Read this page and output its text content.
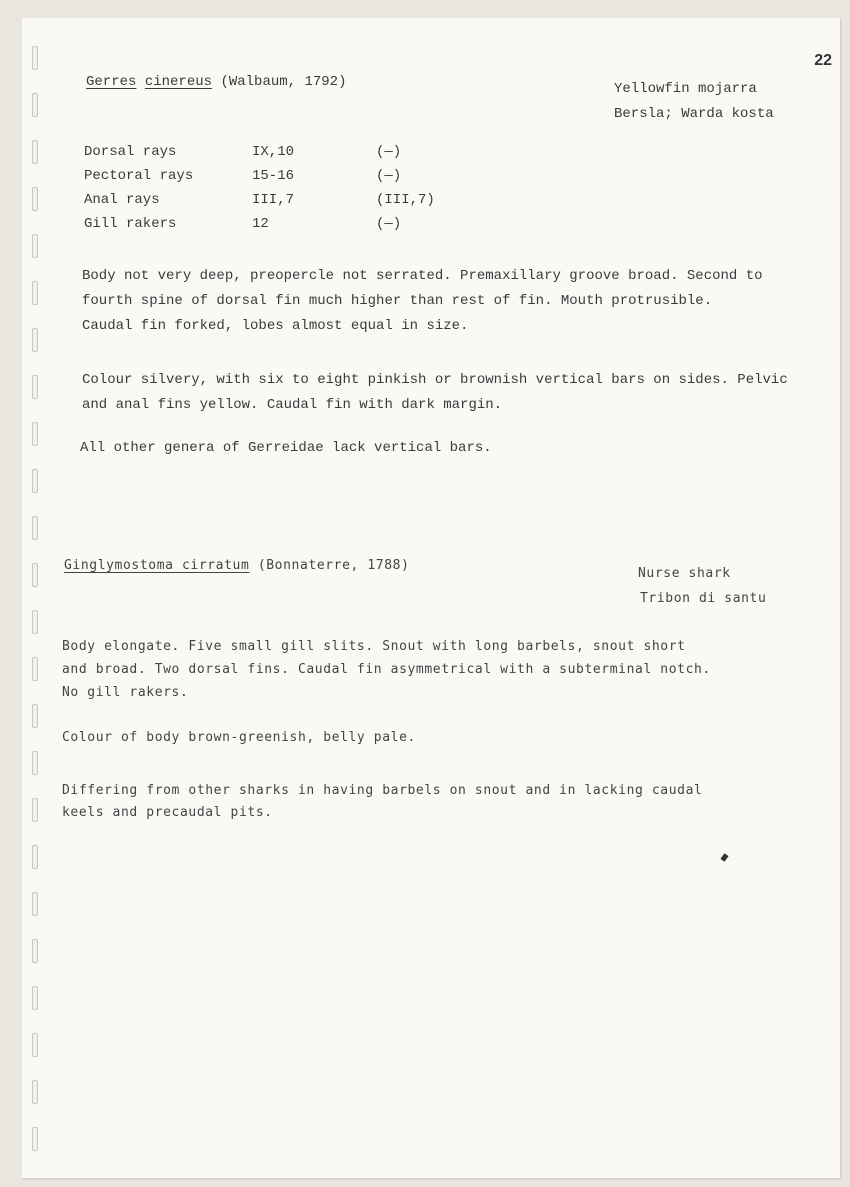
22
Gerres cinereus (Walbaum, 1792)	Yellowfin mojarra
Bersla; Warda kosta
Dorsal rays	IX,10	(—)
Pectoral rays	15-16	(—)
Anal rays	III,7	(III,7)
Gill rakers	12	(—)
Body not very deep, preopercle not serrated. Premaxillary groove broad. Second to
fourth spine of dorsal fin much higher than rest of fin. Mouth protrusible.
Caudal fin forked, lobes almost equal in size.
Colour silvery, with six to eight pinkish or brownish vertical bars on sides. Pelvic
and anal fins yellow. Caudal fin with dark margin.
All other genera of Gerreidae lack vertical bars.
Ginglymostoma cirratum (Bonnaterre, 1788)
Nurse shark
Tribon di santu
Body elongate. Five small gill slits. Snout with long barbels, snout short
and broad. Two dorsal fins. Caudal fin asymmetrical with a subterminal notch.
No gill rakers.
Colour of body brown-greenish, belly pale.
Differing from other sharks in having barbels on snout and in lacking caudal
keels and precaudal pits.
